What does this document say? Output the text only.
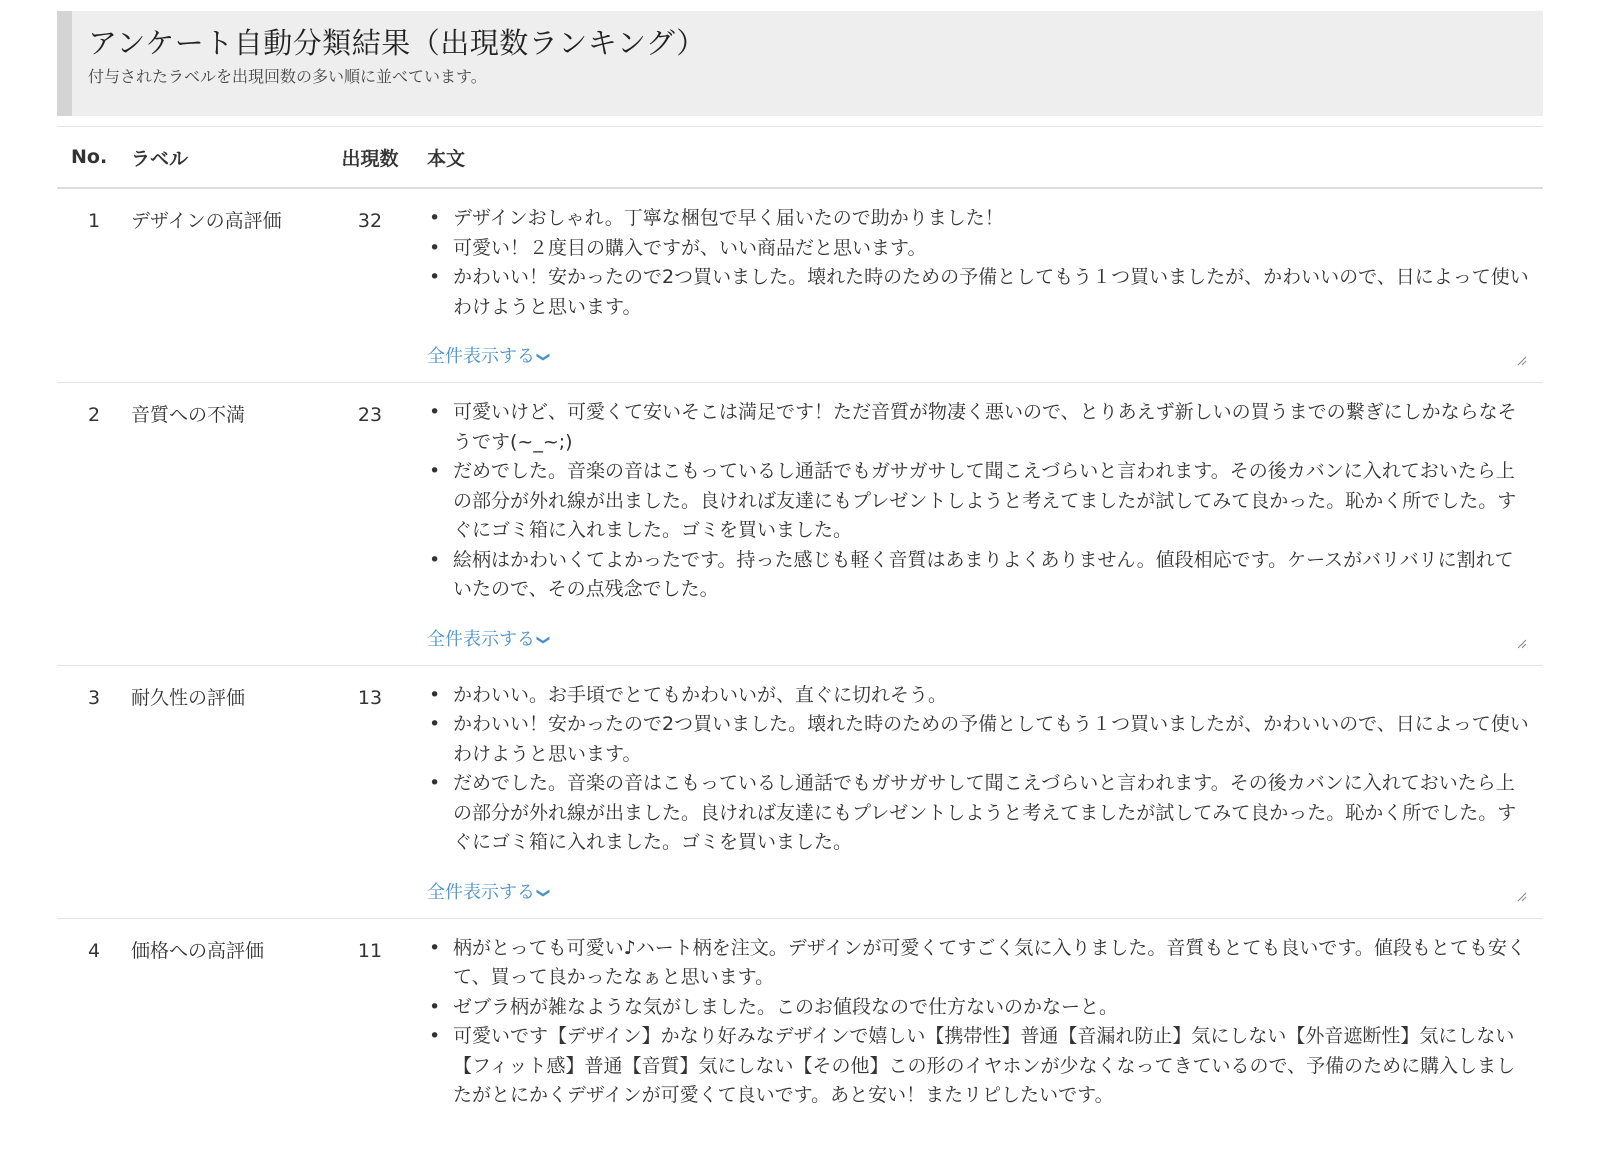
アンケート自動分類結果（出現数ランキング）
付与されたラベルを出現回数の多い順に並べています。
No.	ラベル	出現数	本文
1	デザインの高評価	32	• デザインおしゃれ。丁寧な梱包で早く届いたので助かりました！
• 可愛い！２度目の購入ですが、いい商品だと思います。
• かわいい！安かったので2つ買いました。壊れた時のための予備としてもう１つ買いましたが、かわいいので、日によって使いわけようと思います。
全件表示する❯
2	音質への不満	23	• 可愛いけど、可愛くて安いそこは満足です！ただ音質が物凄く悪いので、とりあえず新しいの買うまでの繋ぎにしかならなそうです(~_~;)
• だめでした。音楽の音はこもっているし通話でもガサガサして聞こえづらいと言われます。その後カバンに入れておいたら上の部分が外れ線が出ました。良ければ友達にもプレゼントしようと考えてましたが試してみて良かった。恥かく所でした。すぐにゴミ箱に入れました。ゴミを買いました。
• 絵柄はかわいくてよかったです。持った感じも軽く音質はあまりよくありません。値段相応です。ケースがバリバリに割れていたので、その点残念でした。
全件表示する❯
3	耐久性の評価	13	• かわいい。お手頃でとてもかわいいが、直ぐに切れそう。
• かわいい！安かったので2つ買いました。壊れた時のための予備としてもう１つ買いましたが、かわいいので、日によって使いわけようと思います。
• だめでした。音楽の音はこもっているし通話でもガサガサして聞こえづらいと言われます。その後カバンに入れておいたら上の部分が外れ線が出ました。良ければ友達にもプレゼントしようと考えてましたが試してみて良かった。恥かく所でした。すぐにゴミ箱に入れました。ゴミを買いました。
全件表示する❯
4	価格への高評価	11	• 柄がとっても可愛い♪ハート柄を注文。デザインが可愛くてすごく気に入りました。音質もとても良いです。値段もとても安くて、買って良かったなぁと思います。
• ゼブラ柄が雑なような気がしました。このお値段なので仕方ないのかなーと。
• 可愛いです【デザイン】かなり好みなデザインで嬉しい【携帯性】普通【音漏れ防止】気にしない【外音遮断性】気にしない【フィット感】普通【音質】気にしない【その他】この形のイヤホンが少なくなってきているので、予備のために購入しましたがとにかくデザインが可愛くて良いです。あと安い！またリピしたいです。
